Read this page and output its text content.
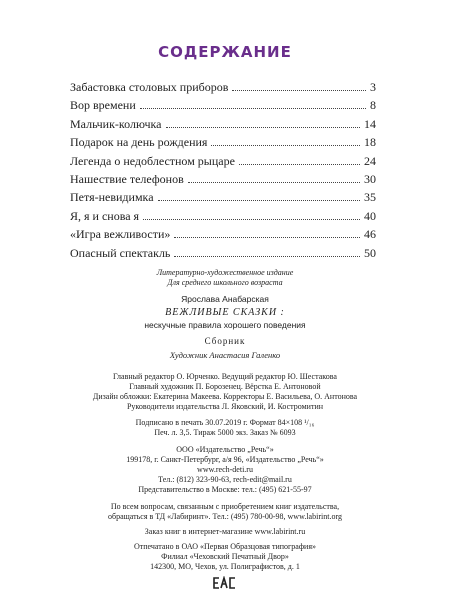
СОДЕРЖАНИЕ
Забастовка столовых приборов	3
Вор времени	8
Мальчик-колючка	14
Подарок на день рождения	18
Легенда о недоблестном рыцаре	24
Нашествие телефонов	30
Петя-невидимка	35
Я, я и снова я	40
«Игра вежливости»	46
Опасный спектакль	50
Литературно-художественное издание
Для среднего школьного возраста
Ярослава Анабарская
ВЕЖЛИВЫЕ СКАЗКИ :
нескучные правила хорошего поведения
Сборник
Художник Анастасия Галенко
Главный редактор О. Юрченко. Ведущий редактор Ю. Шестакова
Главный художник П. Борозенец. Вёрстка Е. Антоновой
Дизайн обложки: Екатерина Макеева. Корректоры Е. Васильева, О. Антонова
Руководители издательства Л. Яковский, И. Костромитин
Подписано в печать 30.07.2019 г. Формат 84×108 ¹/₁₆
Печ. л. 3,5. Тираж 5000 экз. Заказ № 6093
ООО «Издательство „Речь“»
199178, г. Санкт-Петербург, а/я 96, «Издательство „Речь“»
www.rech-deti.ru
Тел.: (812) 323-90-63, rech-edit@mail.ru
Представительство в Москве: тел.: (495) 621-55-97
По всем вопросам, связанным с приобретением книг издательства,
обращаться в ТД «Лабиринт». Тел.: (495) 780-00-98, www.labirint.org
Заказ книг в интернет-магазине www.labirint.ru
Отпечатано в ОАО «Первая Образцовая типография»
Филиал «Чеховский Печатный Двор»
142300, МО, Чехов, ул. Полиграфистов, д. 1
